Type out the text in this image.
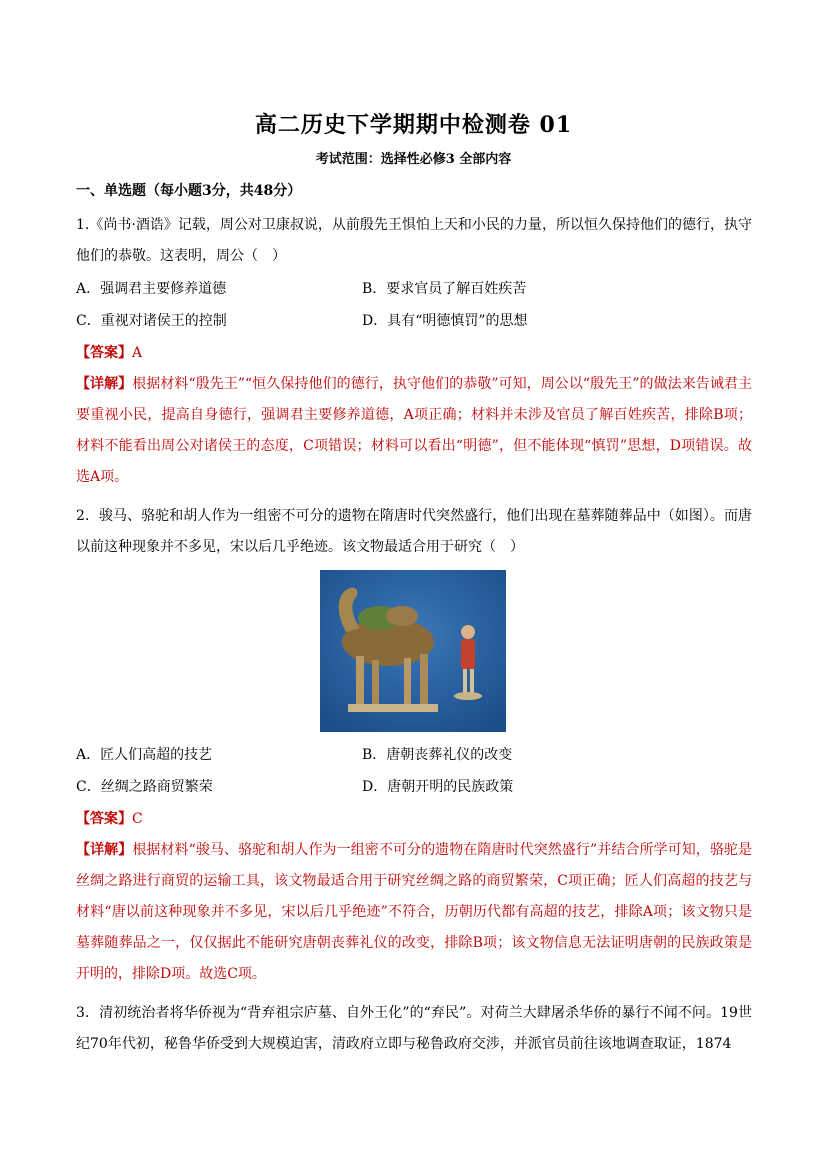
高二历史下学期期中检测卷 01
考试范围：选择性必修3 全部内容
一、单选题（每小题3分，共48分）
1.《尚书·酒诰》记载，周公对卫康叔说，从前殷先王惧怕上天和小民的力量，所以恒久保持他们的德行，执守他们的恭敬。这表明，周公（　）
A．强调君主要修养道德	B．要求官员了解百姓疾苦
C．重视对诸侯王的控制	D．具有“明德慎罚”的思想
【答案】A
【详解】根据材料“殷先王”“恒久保持他们的德行，执守他们的恭敬”可知，周公以“殷先王”的做法来告诫君主要重视小民，提高自身德行，强调君主要修养道德，A项正确；材料并未涉及官员了解百姓疾苦，排除B项；材料不能看出周公对诸侯王的态度，C项错误；材料可以看出“明德”，但不能体现“慎罚”思想，D项错误。故选A项。
2．骏马、骆驼和胡人作为一组密不可分的遗物在隋唐时代突然盛行，他们出现在墓葬随葬品中（如图）。而唐以前这种现象并不多见，宋以后几乎绝迹。该文物最适合用于研究（　）
A．匠人们高超的技艺	B．唐朝丧葬礼仪的改变
C．丝绸之路商贸繁荣	D．唐朝开明的民族政策
【答案】C
【详解】根据材料“骏马、骆驼和胡人作为一组密不可分的遗物在隋唐时代突然盛行”并结合所学可知，骆驼是丝绸之路进行商贸的运输工具，该文物最适合用于研究丝绸之路的商贸繁荣，C项正确；匠人们高超的技艺与材料“唐以前这种现象并不多见，宋以后几乎绝迹”不符合，历朝历代都有高超的技艺，排除A项；该文物只是墓葬随葬品之一，仅仅据此不能研究唐朝丧葬礼仪的改变，排除B项；该文物信息无法证明唐朝的民族政策是开明的，排除D项。故选C项。
3．清初统治者将华侨视为“背弃祖宗庐墓、自外王化”的“弃民”。对荷兰大肆屠杀华侨的暴行不闻不问。19世纪70年代初，秘鲁华侨受到大规模迫害，清政府立即与秘鲁政府交涉，并派官员前往该地调查取证，1874
